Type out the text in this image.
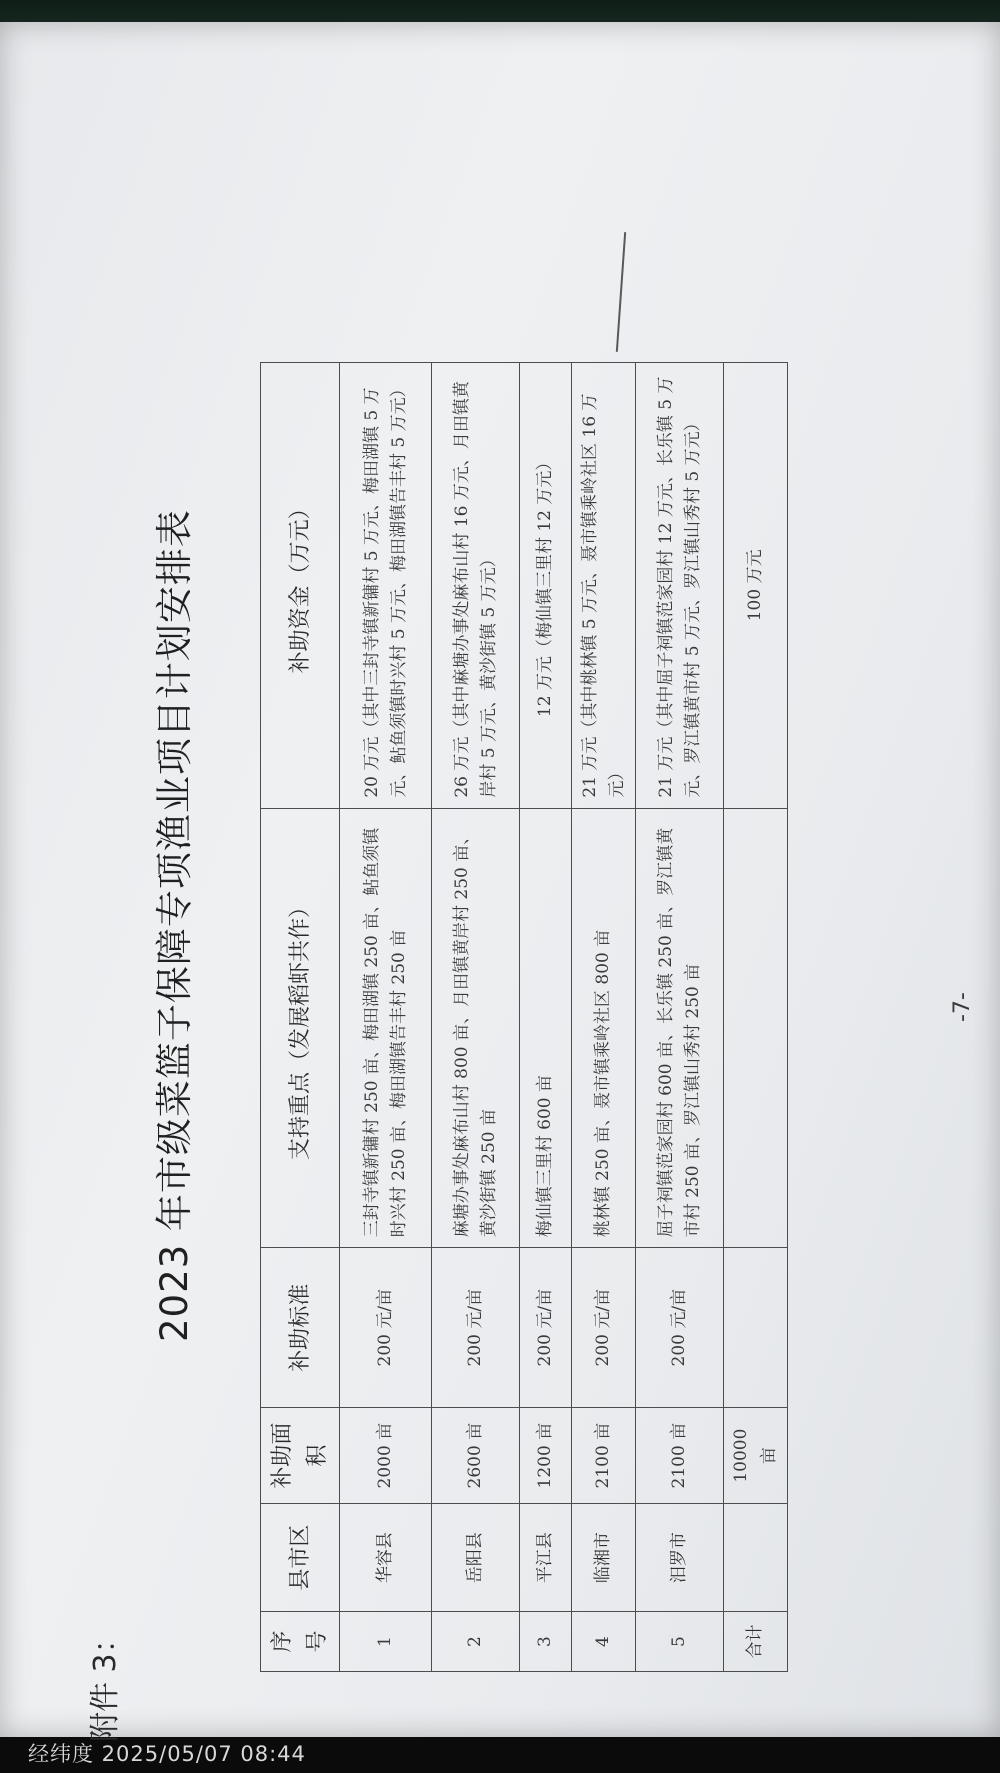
附件 3：
2023 年市级菜篮子保障专项渔业项目计划安排表
序号	县市区	补助面积	补助标准	支持重点（发展稻虾共作）	补助资金（万元）
1	华容县	2000 亩	200 元/亩	三封寺镇新镛村 250 亩、梅田湖镇 250 亩、鲇鱼须镇时兴村 250 亩、梅田湖镇告丰村 250 亩	20 万元（其中三封寺镇新镛村 5 万元、梅田湖镇 5 万元、鲇鱼须镇时兴村 5 万元、梅田湖镇告丰村 5 万元）
2	岳阳县	2600 亩	200 元/亩	麻塘办事处麻布山村 800 亩、月田镇黄岸村 250 亩、黄沙街镇 250 亩	26 万元（其中麻塘办事处麻布山村 16 万元、月田镇黄岸村 5 万元、黄沙街镇 5 万元）
3	平江县	1200 亩	200 元/亩	梅仙镇三里村 600 亩	12 万元（梅仙镇三里村 12 万元）
4	临湘市	2100 亩	200 元/亩	桃林镇 250 亩、聂市镇乘岭社区 800 亩	21 万元（其中桃林镇 5 万元、聂市镇乘岭社区 16 万元）
5	汨罗市	2100 亩	200 元/亩	屈子祠镇范家园村 600 亩、长乐镇 250 亩、罗江镇黄市村 250 亩、罗江镇山秀村 250 亩	21 万元（其中屈子祠镇范家园村 12 万元、长乐镇 5 万元、罗江镇黄市村 5 万元、罗江镇山秀村 5 万元）
合计		10000 亩			100 万元
-7-
经纬度 2025/05/07 08:44
